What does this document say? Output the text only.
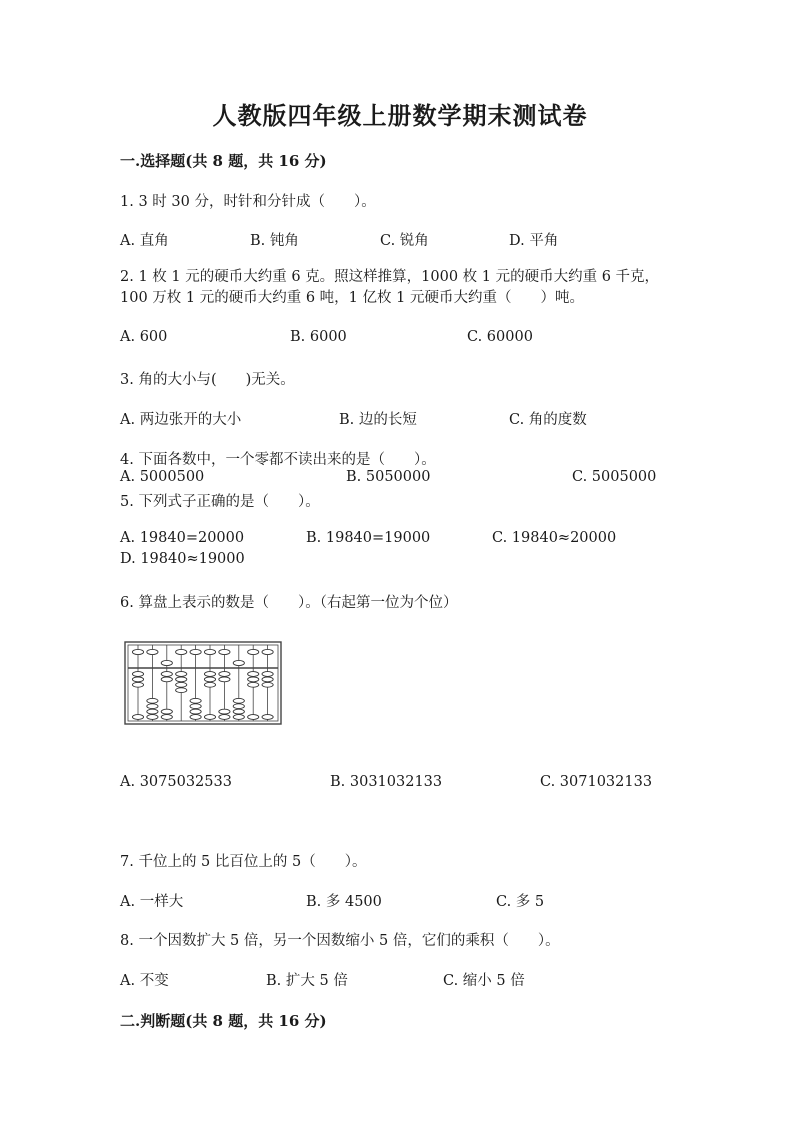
人教版四年级上册数学期末测试卷
一.选择题(共 8 题，共 16 分)
1. 3 时 30 分，时针和分针成（　　）。
A. 直角	B. 钝角	C. 锐角	D. 平角
2. 1 枚 1 元的硬币大约重 6 克。照这样推算，1000 枚 1 元的硬币大约重 6 千克，100 万枚 1 元的硬币大约重 6 吨，1 亿枚 1 元硬币大约重（　　）吨。
A. 600	B. 6000	C. 60000
3. 角的大小与(　　)无关。
A. 两边张开的大小	B. 边的长短	C. 角的度数
4. 下面各数中，一个零都不读出来的是（　　）。
A. 5000500	B. 5050000	C. 5005000
5. 下列式子正确的是（　　）。
A. 19840=20000	B. 19840=19000	C. 19840≈20000
D. 19840≈19000
6. 算盘上表示的数是（　　）。（右起第一位为个位）
A. 3075032533	B. 3031032133	C. 3071032133
7. 千位上的 5 比百位上的 5（　　）。
A. 一样大	B. 多 4500	C. 多 5
8. 一个因数扩大 5 倍，另一个因数缩小 5 倍，它们的乘积（　　）。
A. 不变	B. 扩大 5 倍	C. 缩小 5 倍
二.判断题(共 8 题，共 16 分)
